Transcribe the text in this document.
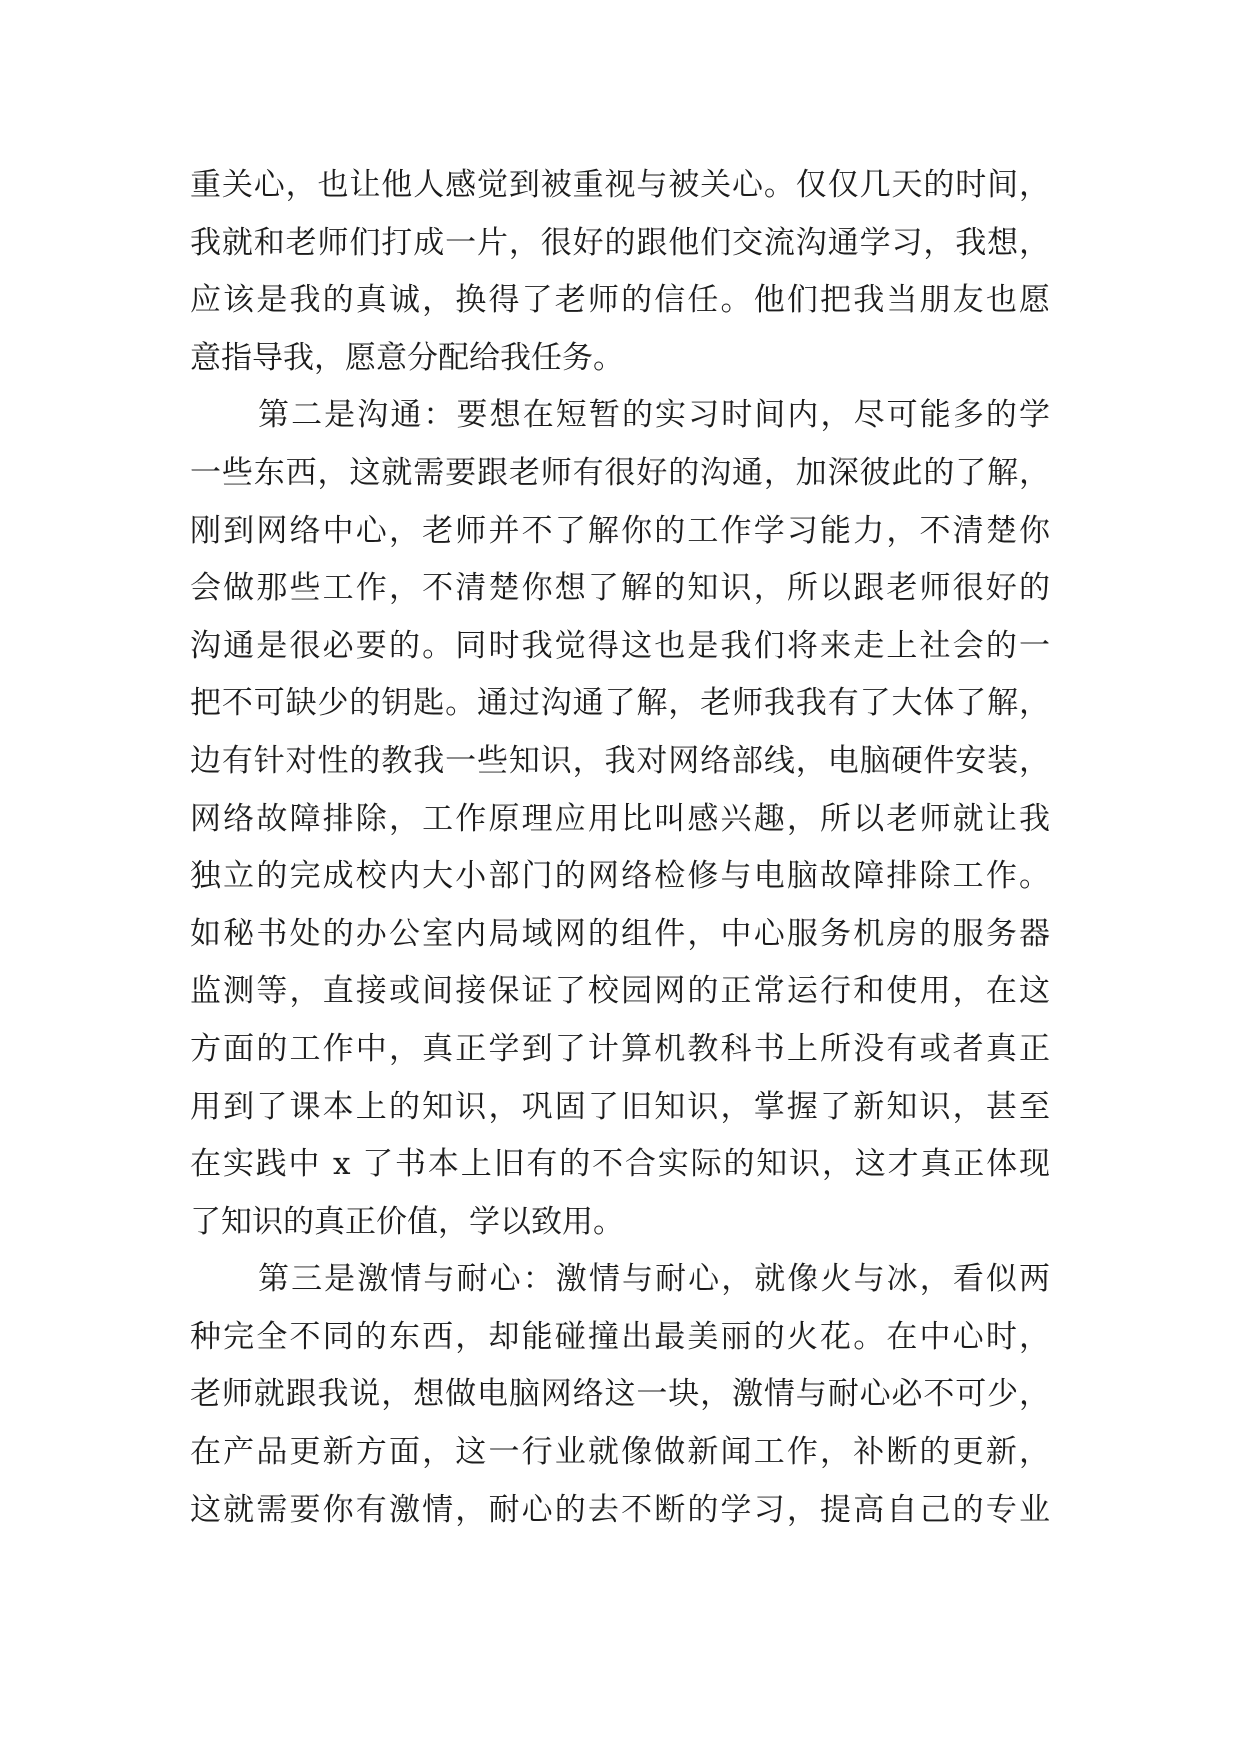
重关心，也让他人感觉到被重视与被关心。仅仅几天的时间，
我就和老师们打成一片，很好的跟他们交流沟通学习，我想，
应该是我的真诚，换得了老师的信任。他们把我当朋友也愿
意指导我，愿意分配给我任务。
第二是沟通：要想在短暂的实习时间内，尽可能多的学
一些东西，这就需要跟老师有很好的沟通，加深彼此的了解，
刚到网络中心，老师并不了解你的工作学习能力，不清楚你
会做那些工作，不清楚你想了解的知识，所以跟老师很好的
沟通是很必要的。同时我觉得这也是我们将来走上社会的一
把不可缺少的钥匙。通过沟通了解，老师我我有了大体了解，
边有针对性的教我一些知识，我对网络部线，电脑硬件安装，
网络故障排除，工作原理应用比叫感兴趣，所以老师就让我
独立的完成校内大小部门的网络检修与电脑故障排除工作。
如秘书处的办公室内局域网的组件，中心服务机房的服务器
监测等，直接或间接保证了校园网的正常运行和使用，在这
方面的工作中，真正学到了计算机教科书上所没有或者真正
用到了课本上的知识，巩固了旧知识，掌握了新知识，甚至
在实践中 x 了书本上旧有的不合实际的知识，这才真正体现
了知识的真正价值，学以致用。
第三是激情与耐心：激情与耐心，就像火与冰，看似两
种完全不同的东西，却能碰撞出最美丽的火花。在中心时，
老师就跟我说，想做电脑网络这一块，激情与耐心必不可少，
在产品更新方面，这一行业就像做新闻工作，补断的更新，
这就需要你有激情，耐心的去不断的学习，提高自己的专业
